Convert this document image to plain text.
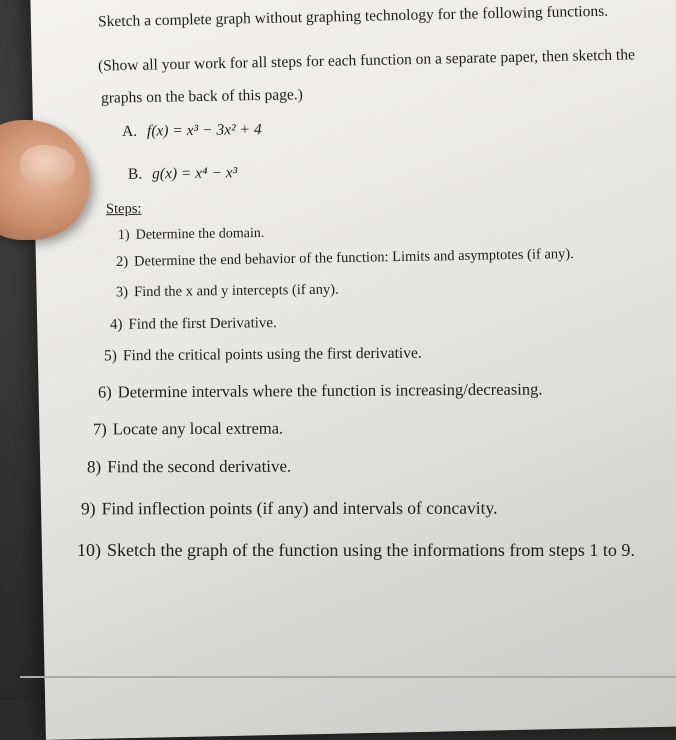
Sketch a complete graph without graphing technology for the following functions.
(Show all your work for all steps for each function on a separate paper, then sketch the
graphs on the back of this page.)
A. f(x) = x³ − 3x² + 4
B. g(x) = x⁴ − x³
Steps:
1) Determine the domain.
2) Determine the end behavior of the function: Limits and asymptotes (if any).
3) Find the x and y intercepts (if any).
4) Find the first Derivative.
5) Find the critical points using the first derivative.
6) Determine intervals where the function is increasing/decreasing.
7) Locate any local extrema.
8) Find the second derivative.
9) Find inflection points (if any) and intervals of concavity.
10) Sketch the graph of the function using the informations from steps 1 to 9.
